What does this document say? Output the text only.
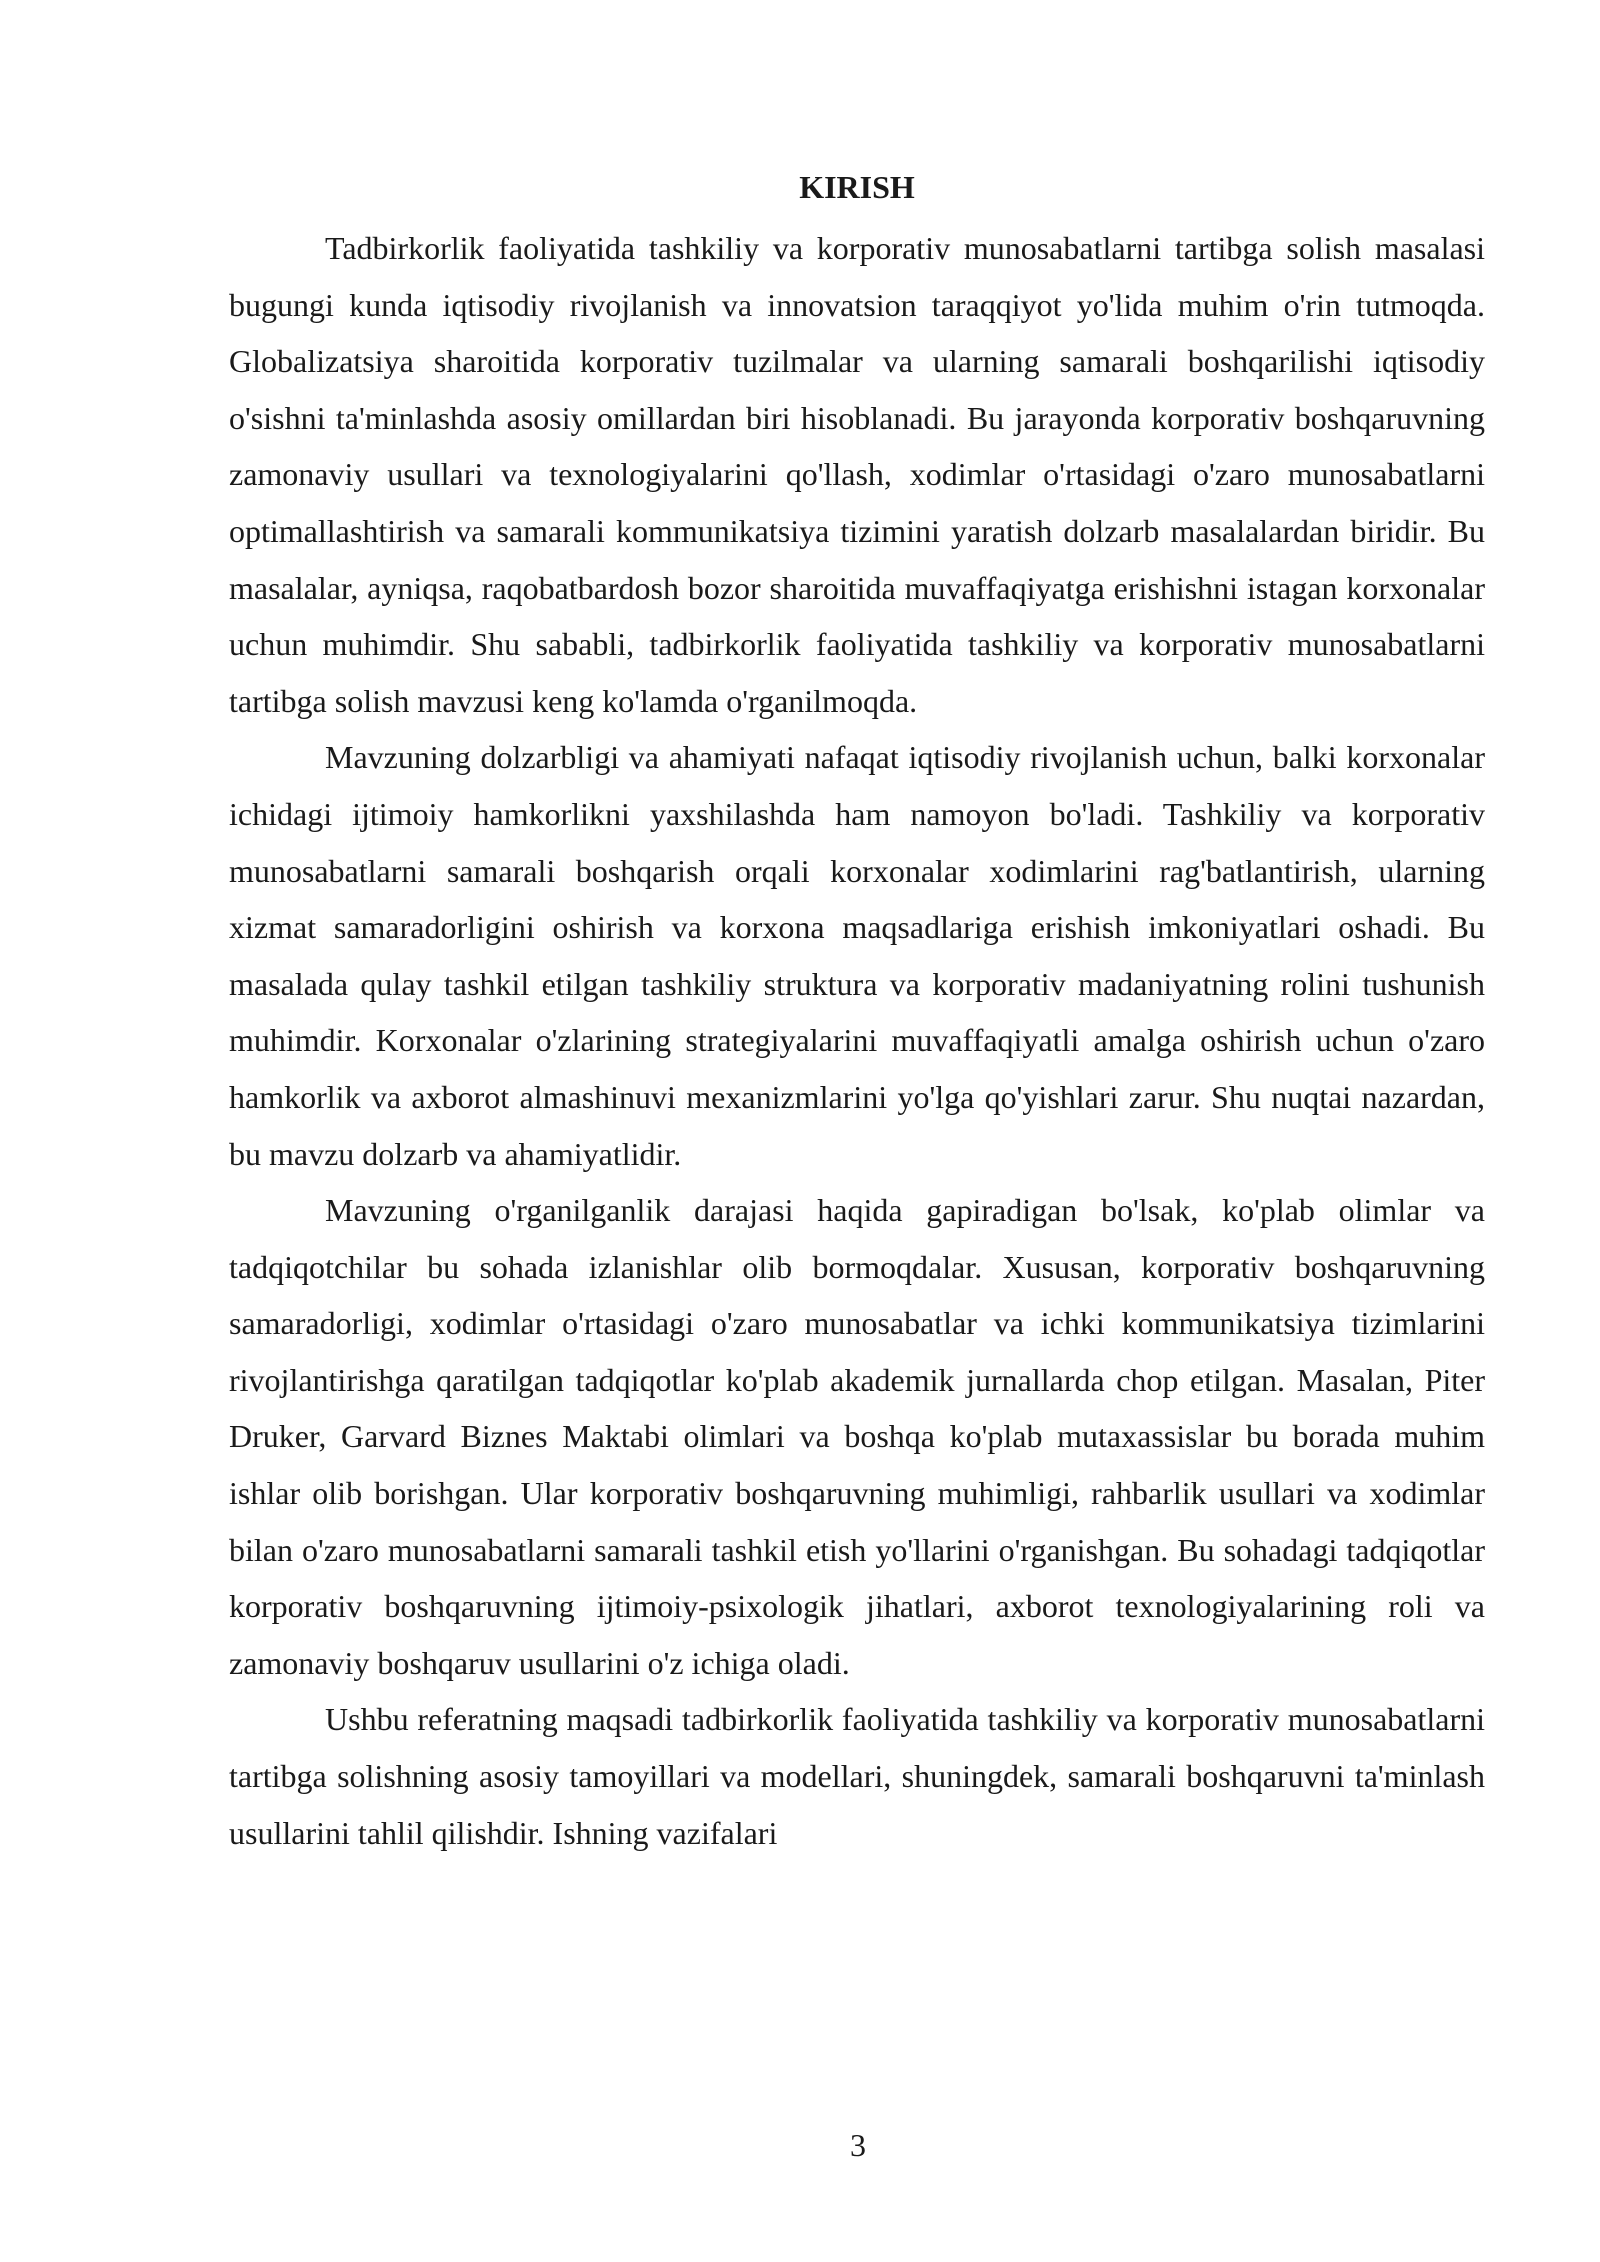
KIRISH

Tadbirkorlik faoliyatida tashkiliy va korporativ munosabatlarni tartibga solish masalasi bugungi kunda iqtisodiy rivojlanish va innovatsion taraqqiyot yo'lida muhim o'rin tutmoqda. Globalizatsiya sharoitida korporativ tuzilmalar va ularning samarali boshqarilishi iqtisodiy o'sishni ta'minlashda asosiy omillardan biri hisoblanadi. Bu jarayonda korporativ boshqaruvning zamonaviy usullari va texnologiyalarini qo'llash, xodimlar o'rtasidagi o'zaro munosabatlarni optimallashtirish va samarali kommunikatsiya tizimini yaratish dolzarb masalalardan biridir. Bu masalalar, ayniqsa, raqobatbardosh bozor sharoitida muvaffaqiyatga erishishni istagan korxonalar uchun muhimdir. Shu sababli, tadbirkorlik faoliyatida tashkiliy va korporativ munosabatlarni tartibga solish mavzusi keng ko'lamda o'rganilmoqda.

Mavzuning dolzarbligi va ahamiyati nafaqat iqtisodiy rivojlanish uchun, balki korxonalar ichidagi ijtimoiy hamkorlikni yaxshilashda ham namoyon bo'ladi. Tashkiliy va korporativ munosabatlarni samarali boshqarish orqali korxonalar xodimlarini rag'batlantirish, ularning xizmat samaradorligini oshirish va korxona maqsadlariga erishish imkoniyatlari oshadi. Bu masalada qulay tashkil etilgan tashkiliy struktura va korporativ madaniyatning rolini tushunish muhimdir. Korxonalar o'zlarining strategiyalarini muvaffaqiyatli amalga oshirish uchun o'zaro hamkorlik va axborot almashinuvi mexanizmlarini yo'lga qo'yishlari zarur. Shu nuqtai nazardan, bu mavzu dolzarb va ahamiyatlidir.

Mavzuning o'rganilganlik darajasi haqida gapiradigan bo'lsak, ko'plab olimlar va tadqiqotchilar bu sohada izlanishlar olib bormoqdalar. Xususan, korporativ boshqaruvning samaradorligi, xodimlar o'rtasidagi o'zaro munosabatlar va ichki kommunikatsiya tizimlarini rivojlantirishga qaratilgan tadqiqotlar ko'plab akademik jurnallarda chop etilgan. Masalan, Piter Druker, Garvard Biznes Maktabi olimlari va boshqa ko'plab mutaxassislar bu borada muhim ishlar olib borishgan. Ular korporativ boshqaruvning muhimligi, rahbarlik usullari va xodimlar bilan o'zaro munosabatlarni samarali tashkil etish yo'llarini o'rganishgan. Bu sohadagi tadqiqotlar korporativ boshqaruvning ijtimoiy-psixologik jihatlari, axborot texnologiyalarining roli va zamonaviy boshqaruv usullarini o'z ichiga oladi.

Ushbu referatning maqsadi tadbirkorlik faoliyatida tashkiliy va korporativ munosabatlarni tartibga solishning asosiy tamoyillari va modellari, shuningdek, samarali boshqaruvni ta'minlash usullarini tahlil qilishdir. Ishning vazifalari

3
